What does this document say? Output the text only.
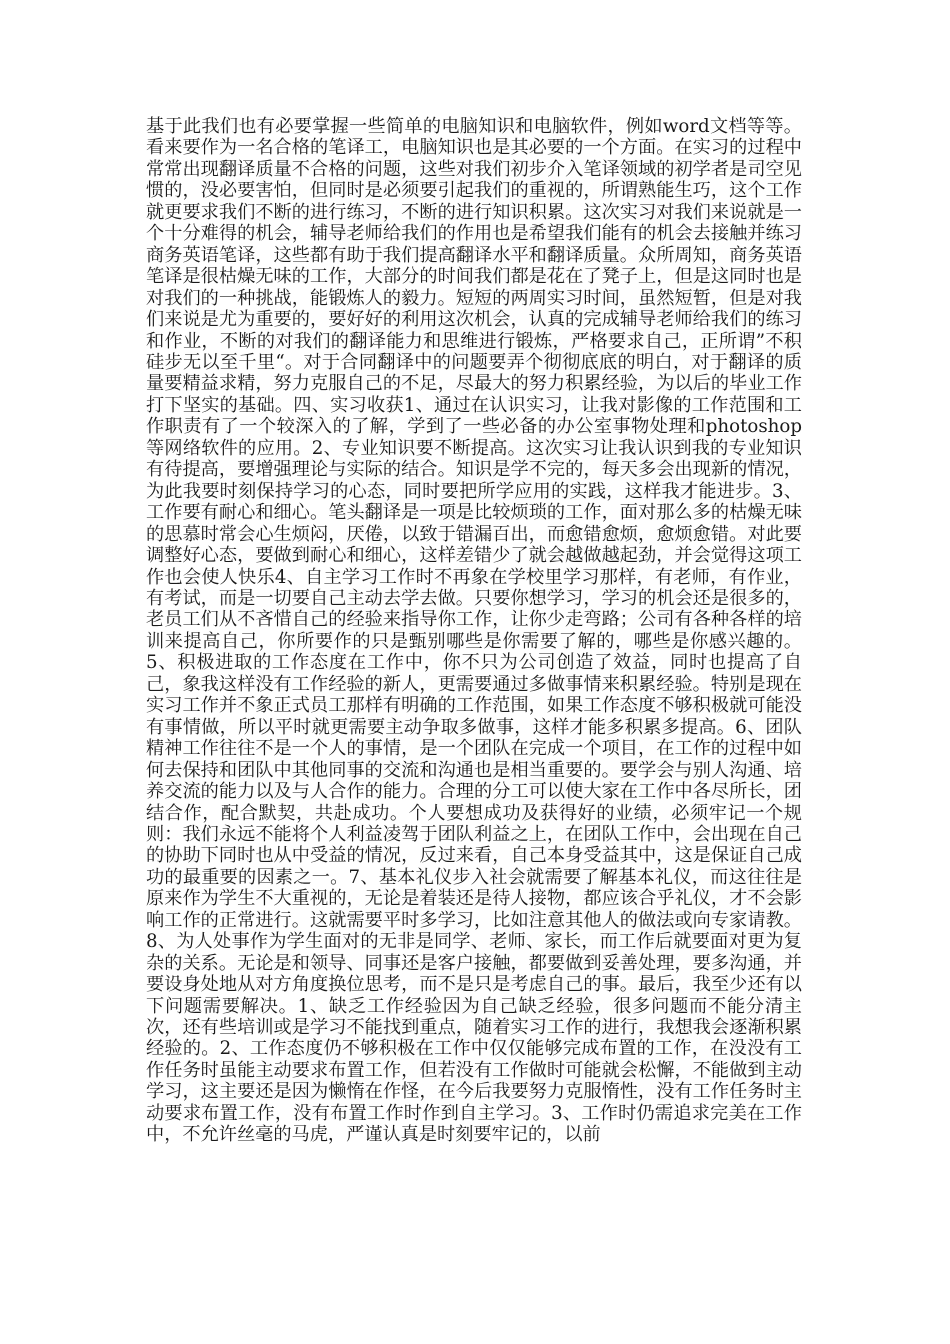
基于此我们也有必要掌握一些简单的电脑知识和电脑软件，例如word文档等等。看来要作为一名合格的笔译工，电脑知识也是其必要的一个方面。在实习的过程中常常出现翻译质量不合格的问题，这些对我们初步介入笔译领域的初学者是司空见惯的，没必要害怕，但同时是必须要引起我们的重视的，所谓熟能生巧，这个工作就更要求我们不断的进行练习，不断的进行知识积累。这次实习对我们来说就是一个十分难得的机会，辅导老师给我们的作用也是希望我们能有的机会去接触并练习商务英语笔译，这些都有助于我们提高翻译水平和翻译质量。众所周知，商务英语笔译是很枯燥无味的工作，大部分的时间我们都是花在了凳子上，但是这同时也是对我们的一种挑战，能锻炼人的毅力。短短的两周实习时间，虽然短暂，但是对我们来说是尤为重要的，要好好的利用这次机会，认真的完成辅导老师给我们的练习和作业，不断的对我们的翻译能力和思维进行锻炼，严格要求自己，正所谓”不积硅步无以至千里“。对于合同翻译中的问题要弄个彻彻底底的明白，对于翻译的质量要精益求精，努力克服自己的不足，尽最大的努力积累经验，为以后的毕业工作打下坚实的基础。四、实习收获1、通过在认识实习，让我对影像的工作范围和工作职责有了一个较深入的了解，学到了一些必备的办公室事物处理和photoshop等网络软件的应用。2、专业知识要不断提高。这次实习让我认识到我的专业知识有待提高，要增强理论与实际的结合。知识是学不完的，每天多会出现新的情况，为此我要时刻保持学习的心态，同时要把所学应用的实践，这样我才能进步。3、工作要有耐心和细心。笔头翻译是一项是比较烦琐的工作，面对那么多的枯燥无味的思慕时常会心生烦闷，厌倦，以致于错漏百出，而愈错愈烦，愈烦愈错。对此要调整好心态，要做到耐心和细心，这样差错少了就会越做越起劲，并会觉得这项工作也会使人快乐4、自主学习工作时不再象在学校里学习那样，有老师，有作业，有考试，而是一切要自己主动去学去做。只要你想学习，学习的机会还是很多的，老员工们从不吝惜自己的经验来指导你工作，让你少走弯路；公司有各种各样的培训来提高自己，你所要作的只是甄别哪些是你需要了解的，哪些是你感兴趣的。5、积极进取的工作态度在工作中，你不只为公司创造了效益，同时也提高了自己，象我这样没有工作经验的新人，更需要通过多做事情来积累经验。特别是现在实习工作并不象正式员工那样有明确的工作范围，如果工作态度不够积极就可能没有事情做，所以平时就更需要主动争取多做事，这样才能多积累多提高。6、团队精神工作往往不是一个人的事情，是一个团队在完成一个项目，在工作的过程中如何去保持和团队中其他同事的交流和沟通也是相当重要的。要学会与别人沟通、培养交流的能力以及与人合作的能力。合理的分工可以使大家在工作中各尽所长，团结合作，配合默契，共赴成功。个人要想成功及获得好的业绩，必须牢记一个规则：我们永远不能将个人利益凌驾于团队利益之上，在团队工作中，会出现在自己的协助下同时也从中受益的情况，反过来看，自己本身受益其中，这是保证自己成功的最重要的因素之一。7、基本礼仪步入社会就需要了解基本礼仪，而这往往是原来作为学生不大重视的，无论是着装还是待人接物，都应该合乎礼仪，才不会影响工作的正常进行。这就需要平时多学习，比如注意其他人的做法或向专家请教。8、为人处事作为学生面对的无非是同学、老师、家长，而工作后就要面对更为复杂的关系。无论是和领导、同事还是客户接触，都要做到妥善处理，要多沟通，并要设身处地从对方角度换位思考，而不是只是考虑自己的事。最后，我至少还有以下问题需要解决。1、缺乏工作经验因为自己缺乏经验，很多问题而不能分清主次，还有些培训或是学习不能找到重点，随着实习工作的进行，我想我会逐渐积累经验的。2、工作态度仍不够积极在工作中仅仅能够完成布置的工作，在没没有工作任务时虽能主动要求布置工作，但若没有工作做时可能就会松懈，不能做到主动学习，这主要还是因为懒惰在作怪，在今后我要努力克服惰性，没有工作任务时主动要求布置工作，没有布置工作时作到自主学习。3、工作时仍需追求完美在工作中，不允许丝毫的马虎，严谨认真是时刻要牢记的，以前
